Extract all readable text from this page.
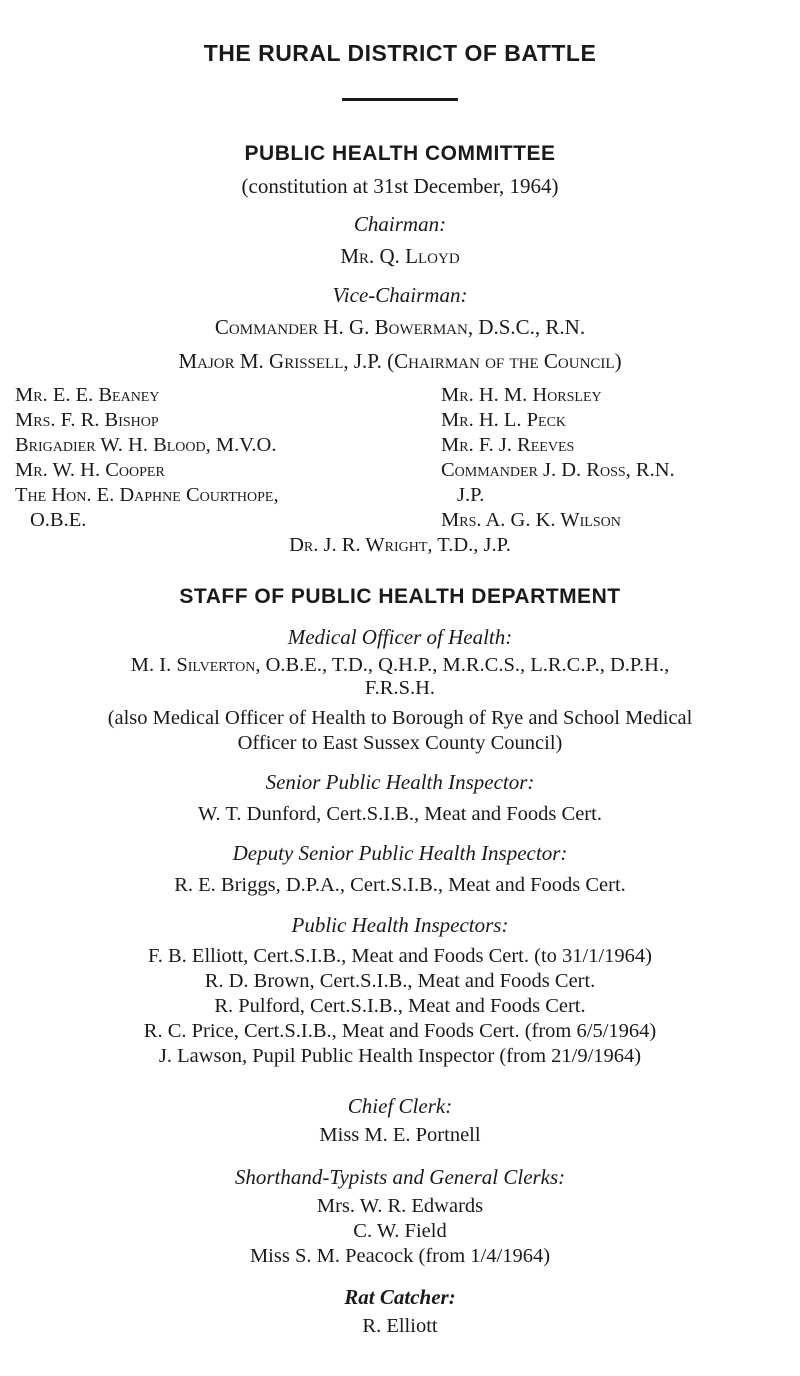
THE RURAL DISTRICT OF BATTLE
PUBLIC HEALTH COMMITTEE
(constitution at 31st December, 1964)
Chairman:
Mr. Q. Lloyd
Vice-Chairman:
Commander H. G. Bowerman, D.S.C., R.N.
Major M. Grissell, J.P. (Chairman of the Council)
Mr. E. E. Beaney
Mrs. F. R. Bishop
Brigadier W. H. Blood, M.V.O.
Mr. W. H. Cooper
The Hon. E. Daphne Courthope,
O.B.E.
Mr. H. M. Horsley
Mr. H. L. Peck
Mr. F. J. Reeves
Commander J. D. Ross, R.N.
J.P.
Mrs. A. G. K. Wilson
Dr. J. R. Wright, T.D., J.P.
STAFF OF PUBLIC HEALTH DEPARTMENT
Medical Officer of Health:
M. I. Silverton, O.B.E., T.D., Q.H.P., M.R.C.S., L.R.C.P., D.P.H.,
F.R.S.H.
(also Medical Officer of Health to Borough of Rye and School Medical
Officer to East Sussex County Council)
Senior Public Health Inspector:
W. T. Dunford, Cert.S.I.B., Meat and Foods Cert.
Deputy Senior Public Health Inspector:
R. E. Briggs, D.P.A., Cert.S.I.B., Meat and Foods Cert.
Public Health Inspectors:
F. B. Elliott, Cert.S.I.B., Meat and Foods Cert. (to 31/1/1964)
R. D. Brown, Cert.S.I.B., Meat and Foods Cert.
R. Pulford, Cert.S.I.B., Meat and Foods Cert.
R. C. Price, Cert.S.I.B., Meat and Foods Cert. (from 6/5/1964)
J. Lawson, Pupil Public Health Inspector (from 21/9/1964)
Chief Clerk:
Miss M. E. Portnell
Shorthand-Typists and General Clerks:
Mrs. W. R. Edwards
C. W. Field
Miss S. M. Peacock (from 1/4/1964)
Rat Catcher:
R. Elliott
